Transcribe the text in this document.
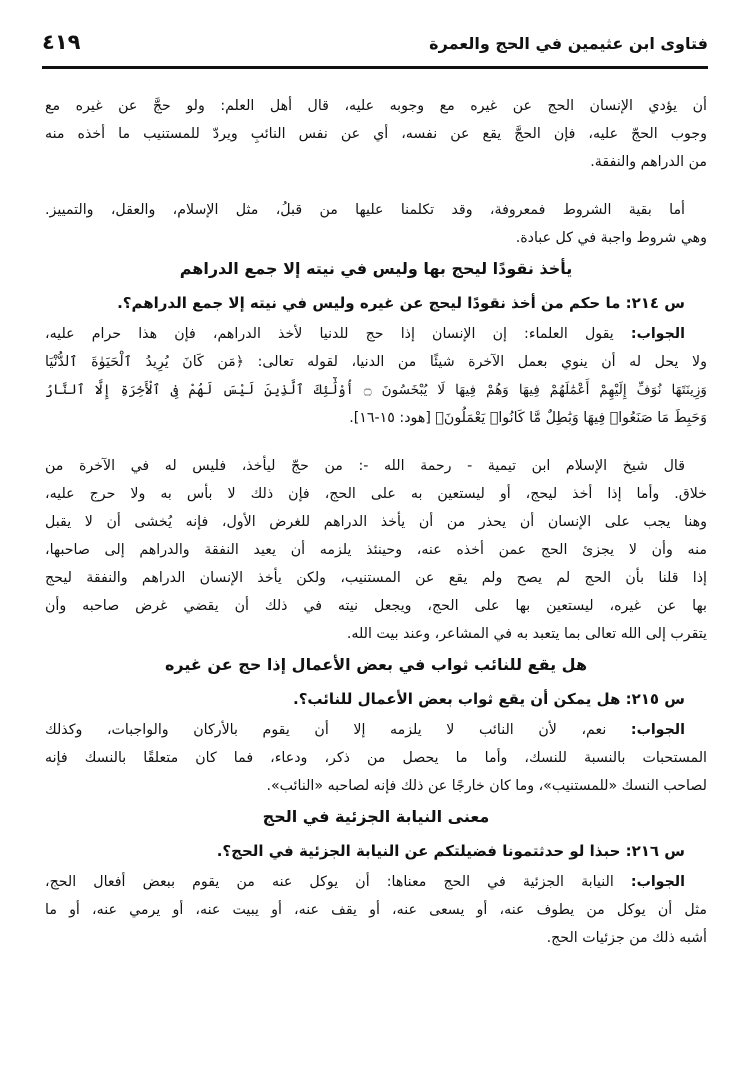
فتاوى ابن عثيمين في الحج والعمرة
٤١٩
أن يؤدي الإنسان الحج عن غيره مع وجوبه عليه، قال أهل العلم: ولو حجَّ عن غيره مع
وجوب الحجّ عليه، فإن الحجَّ يقع عن نفسه، أي عن نفس النائبِ ويردّ للمستنيب ما أخذه منه
من الدراهم والنفقة.
أما بقية الشروط فمعروفة، وقد تكلمنا عليها من قبلُ، مثل الإسلام، والعقل، والتمييز.
وهي شروط واجبة في كل عبادة.
يأخذ نقودًا ليحج بها وليس في نيته إلا جمع الدراهم
س ٢١٤: ما حكم من أخذ نقودًا ليحج عن غيره وليس في نيته إلا جمع الدراهم؟.
الجواب: يقول العلماء: إن الإنسان إذا حج للدنيا لأخذ الدراهم، فإن هذا حرام عليه،
ولا يحل له أن ينوي بعمل الآخرة شيئًا من الدنيا، لقوله تعالى: ﴿مَن كَانَ يُرِيدُ ٱلْحَيَوٰةَ ٱلدُّنْيَا
وَزِينَتَهَا نُوَفِّ إِلَيْهِمْ أَعْمَٰلَهُمْ فِيهَا وَهُمْ فِيهَا لَا يُبْخَسُونَ ۝ أُوْلَٰٓئِكَ ٱلَّذِينَ لَيْسَ لَهُمْ فِى ٱلْأَخِرَةِ إِلَّا ٱلنَّارُ
وَحَبِطَ مَا صَنَعُوا۟ فِيهَا وَبَٰطِلٌ مَّا كَانُوا۟ يَعْمَلُونَ﴾ [هود: ١٥-١٦].
قال شيخ الإسلام ابن تيمية - رحمة الله -: من حجّ ليأخذ، فليس له في الآخرة من
خلاق. وأما إذا أخذ ليحج، أو ليستعين به على الحج، فإن ذلك لا بأس به ولا حرج عليه،
وهنا يجب على الإنسان أن يحذر من أن يأخذ الدراهم للغرض الأول، فإنه يُخشى أن لا يقبل
منه وأن لا يجزئ الحج عمن أخذه عنه، وحينئذ يلزمه أن يعيد النفقة والدراهم إلى صاحبها،
إذا قلنا بأن الحج لم يصح ولم يقع عن المستنيب، ولكن يأخذ الإنسان الدراهم والنفقة ليحج
بها عن غيره، ليستعين بها على الحج، ويجعل نيته في ذلك أن يقضي غرض صاحبه وأن
يتقرب إلى الله تعالى بما يتعبد به في المشاعر، وعند بيت الله.
هل يقع للنائب ثواب في بعض الأعمال إذا حج عن غيره
س ٢١٥: هل يمكن أن يقع ثواب بعض الأعمال للنائب؟.
الجواب: نعم، لأن النائب لا يلزمه إلا أن يقوم بالأركان والواجبات، وكذلك
المستحبات بالنسبة للنسك، وأما ما يحصل من ذكر، ودعاء، فما كان متعلقًا بالنسك فإنه
لصاحب النسك «للمستنيب»، وما كان خارجًا عن ذلك فإنه لصاحبه «النائب».
معنى النيابة الجزئية في الحج
س ٢١٦: حبذا لو حدثتمونا فضيلتكم عن النيابة الجزئية في الحج؟.
الجواب: النيابة الجزئية في الحج معناها: أن يوكل عنه من يقوم ببعض أفعال الحج،
مثل أن يوكل من يطوف عنه، أو يسعى عنه، أو يقف عنه، أو يبيت عنه، أو يرمي عنه، أو ما
أشبه ذلك من جزئيات الحج.
